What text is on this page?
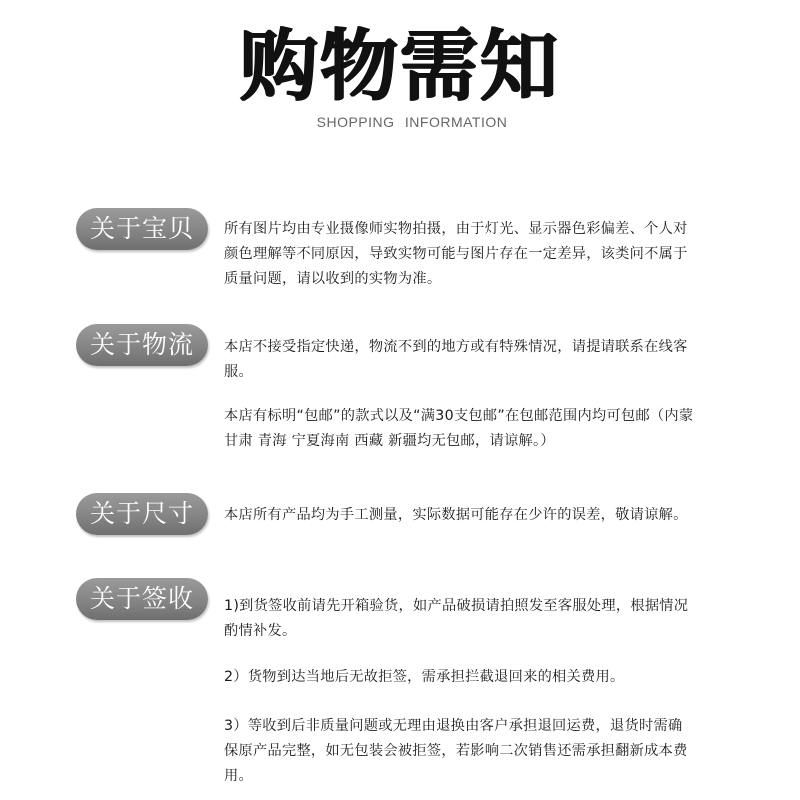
购物需知
SHOPPING INFORMATION
关于宝贝	所有图片均由专业摄像师实物拍摄，由于灯光、显示器色彩偏差、个人对颜色理解等不同原因，导致实物可能与图片存在一定差异，该类问不属于质量问题，请以收到的实物为准。
关于物流	本店不接受指定快递，物流不到的地方或有特殊情况，请提请联系在线客服。
本店有标明“包邮”的款式以及“满30支包邮”在包邮范围内均可包邮（内蒙 甘肃 青海 宁夏海南 西藏 新疆均无包邮，请谅解。）
关于尺寸	本店所有产品均为手工测量，实际数据可能存在少许的误差，敬请谅解。
关于签收	1)到货签收前请先开箱验货，如产品破损请拍照发至客服处理，根据情况酌情补发。
2）货物到达当地后无故拒签，需承担拦截退回来的相关费用。
3）等收到后非质量问题或无理由退换由客户承担退回运费，退货时需确保原产品完整，如无包装会被拒签，若影响二次销售还需承担翻新成本费用。
